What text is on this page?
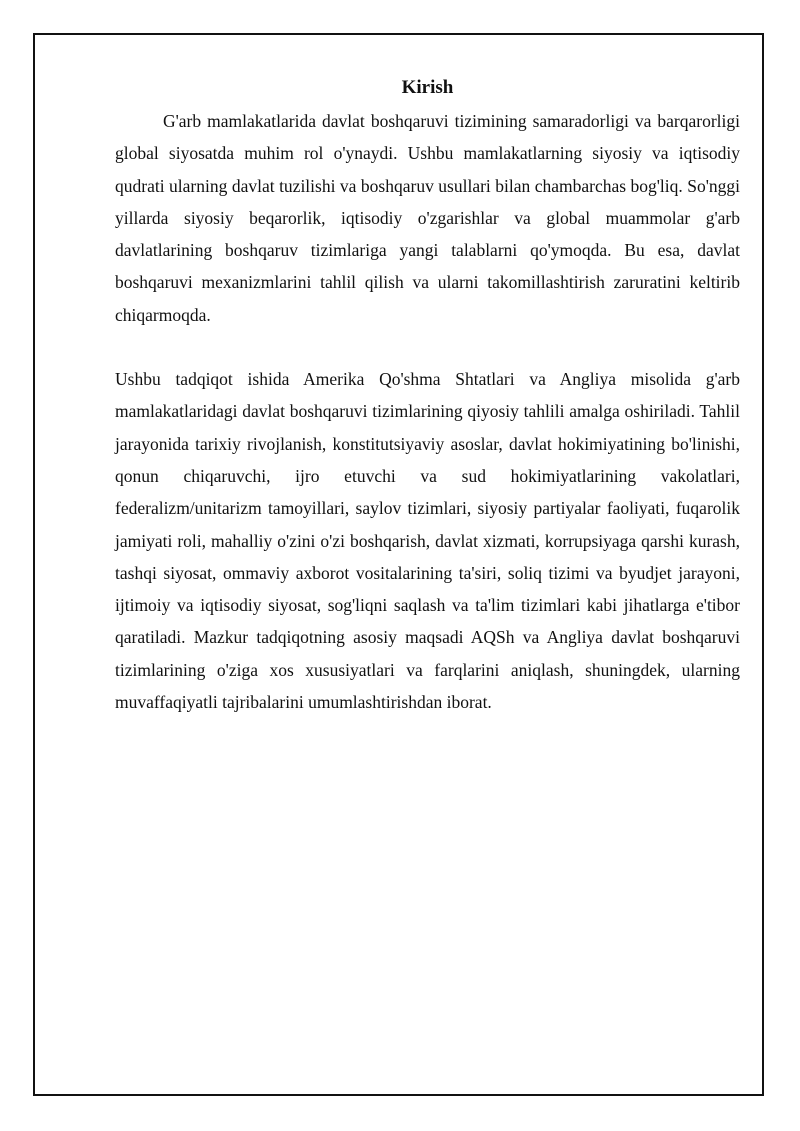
Kirish

G'arb mamlakatlarida davlat boshqaruvi tizimining samaradorligi va barqarorligi global siyosatda muhim rol o'ynaydi. Ushbu mamlakatlarning siyosiy va iqtisodiy qudrati ularning davlat tuzilishi va boshqaruv usullari bilan chambarchas bog'liq. So'nggi yillarda siyosiy beqarorlik, iqtisodiy o'zgarishlar va global muammolar g'arb davlatlarining boshqaruv tizimlariga yangi talablarni qo'ymoqda. Bu esa, davlat boshqaruvi mexanizmlarini tahlil qilish va ularni takomillashtirish zaruratini keltirib chiqarmoqda.

Ushbu tadqiqot ishida Amerika Qo'shma Shtatlari va Angliya misolida g'arb mamlakatlaridagi davlat boshqaruvi tizimlarining qiyosiy tahlili amalga oshiriladi. Tahlil jarayonida tarixiy rivojlanish, konstitutsiyaviy asoslar, davlat hokimiyatining bo'linishi, qonun chiqaruvchi, ijro etuvchi va sud hokimiyatlarining vakolatlari, federalizm/unitarizm tamoyillari, saylov tizimlari, siyosiy partiyalar faoliyati, fuqarolik jamiyati roli, mahalliy o'zini o'zi boshqarish, davlat xizmati, korrupsiyaga qarshi kurash, tashqi siyosat, ommaviy axborot vositalarining ta'siri, soliq tizimi va byudjet jarayoni, ijtimoiy va iqtisodiy siyosat, sog'liqni saqlash va ta'lim tizimlari kabi jihatlarga e'tibor qaratiladi. Mazkur tadqiqotning asosiy maqsadi AQSh va Angliya davlat boshqaruvi tizimlarining o'ziga xos xususiyatlari va farqlarini aniqlash, shuningdek, ularning muvaffaqiyatli tajribalarini umumlashtirishdan iborat.
